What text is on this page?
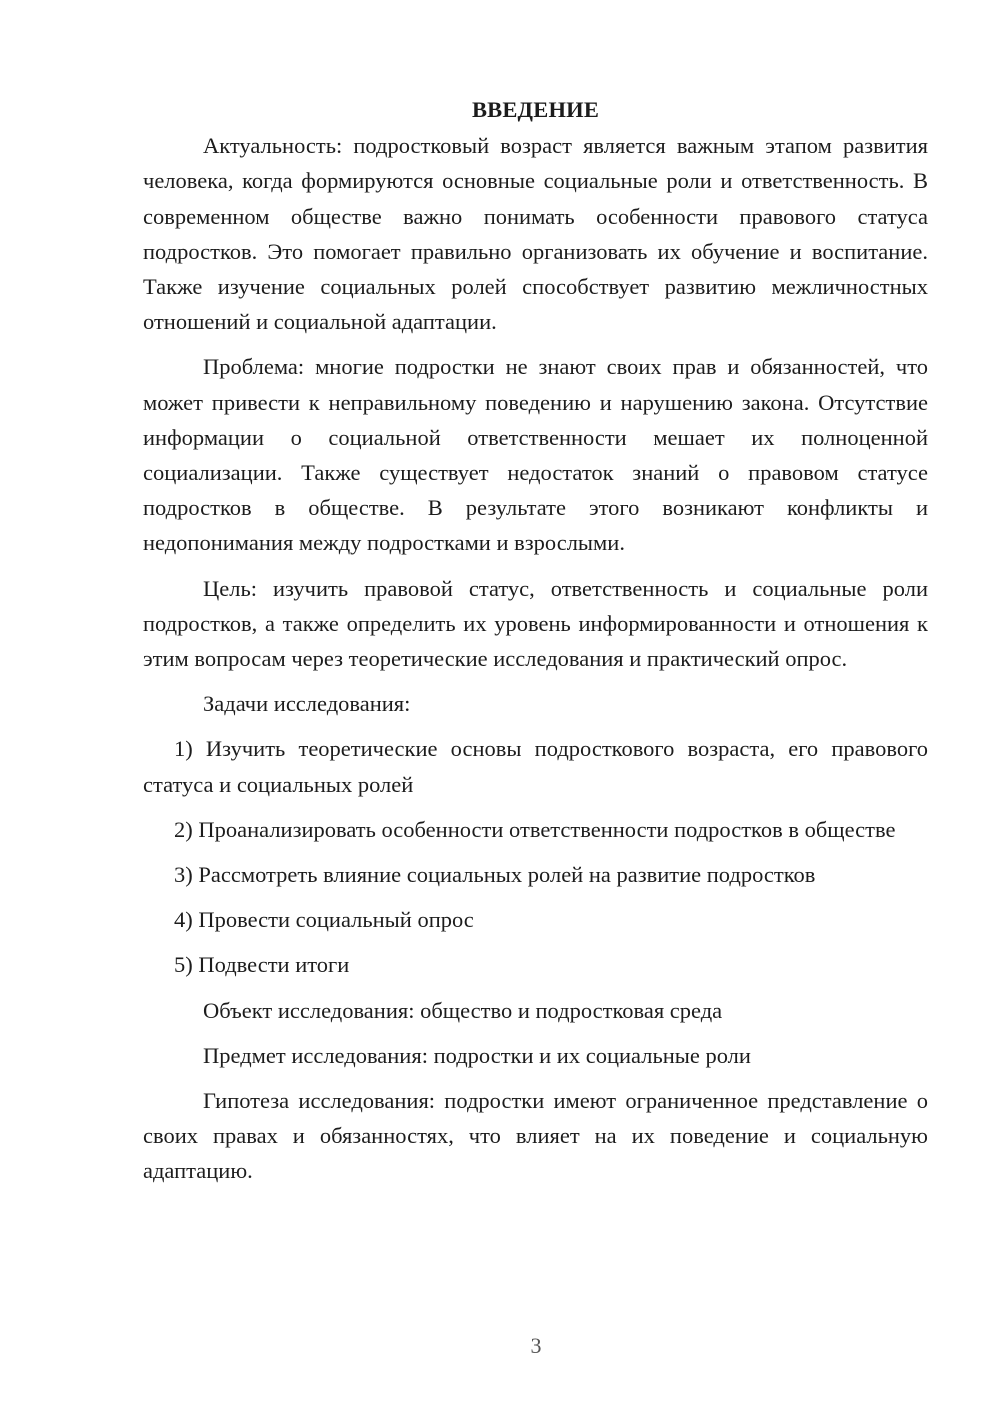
ВВЕДЕНИЕ

Актуальность: подростковый возраст является важным этапом развития человека, когда формируются основные социальные роли и ответственность. В современном обществе важно понимать особенности правового статуса подростков. Это помогает правильно организовать их обучение и воспитание. Также изучение социальных ролей способствует развитию межличностных отношений и социальной адаптации.

Проблема: многие подростки не знают своих прав и обязанностей, что может привести к неправильному поведению и нарушению закона. Отсутствие информации о социальной ответственности мешает их полноценной социализации. Также существует недостаток знаний о правовом статусе подростков в обществе. В результате этого возникают конфликты и недопонимания между подростками и взрослыми.

Цель: изучить правовой статус, ответственность и социальные роли подростков, а также определить их уровень информированности и отношения к этим вопросам через теоретические исследования и практический опрос.

Задачи исследования:

1) Изучить теоретические основы подросткового возраста, его правового статуса и социальных ролей

2) Проанализировать особенности ответственности подростков в обществе

3) Рассмотреть влияние социальных ролей на развитие подростков

4) Провести социальный опрос

5) Подвести итоги

Объект исследования: общество и подростковая среда

Предмет исследования: подростки и их социальные роли

Гипотеза исследования: подростки имеют ограниченное представление о своих правах и обязанностях, что влияет на их поведение и социальную адаптацию.

3
